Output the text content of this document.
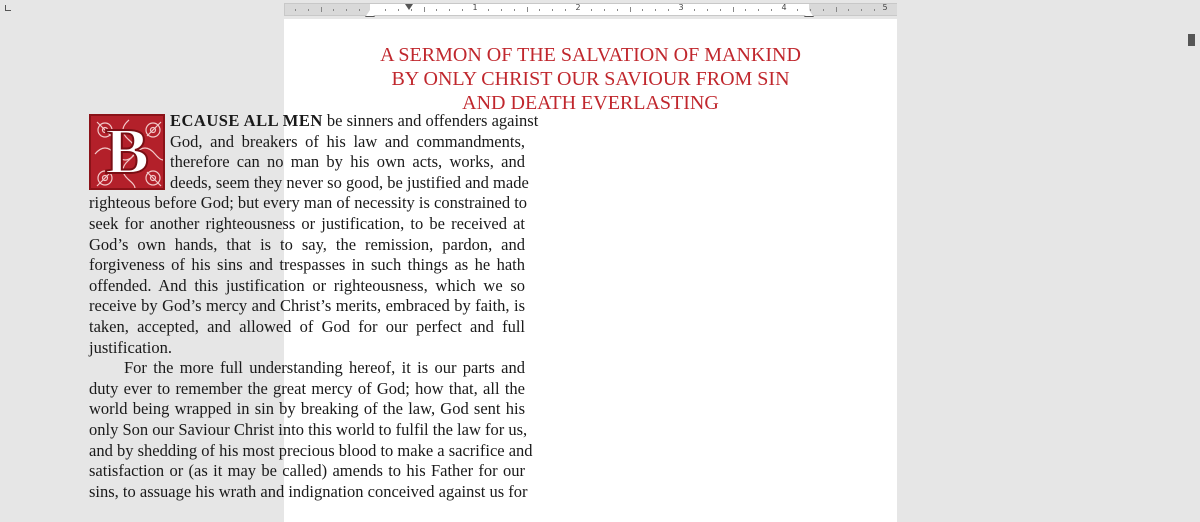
1	2	3	4	5
A SERMON OF THE SALVATION OF MANKIND
BY ONLY CHRIST OUR SAVIOUR FROM SIN
AND DEATH EVERLASTING
B	ECAUSE ALL MEN be sinners and offenders against
God, and breakers of his law and commandments,
therefore can no man by his own acts, works, and
deeds, seem they never so good, be justified and made
righteous before God; but every man of necessity is constrained to
seek for another righteousness or justification, to be received at
God’s own hands, that is to say, the remission, pardon, and
forgiveness of his sins and trespasses in such things as he hath
offended. And this justification or righteousness, which we so
receive by God’s mercy and Christ’s merits, embraced by faith, is
taken, accepted, and allowed of God for our perfect and full
justification.
For the more full understanding hereof, it is our parts and
duty ever to remember the great mercy of God; how that, all the
world being wrapped in sin by breaking of the law, God sent his
only Son our Saviour Christ into this world to fulfil the law for us,
and by shedding of his most precious blood to make a sacrifice and
satisfaction or (as it may be called) amends to his Father for our
sins, to assuage his wrath and indignation conceived against us for
